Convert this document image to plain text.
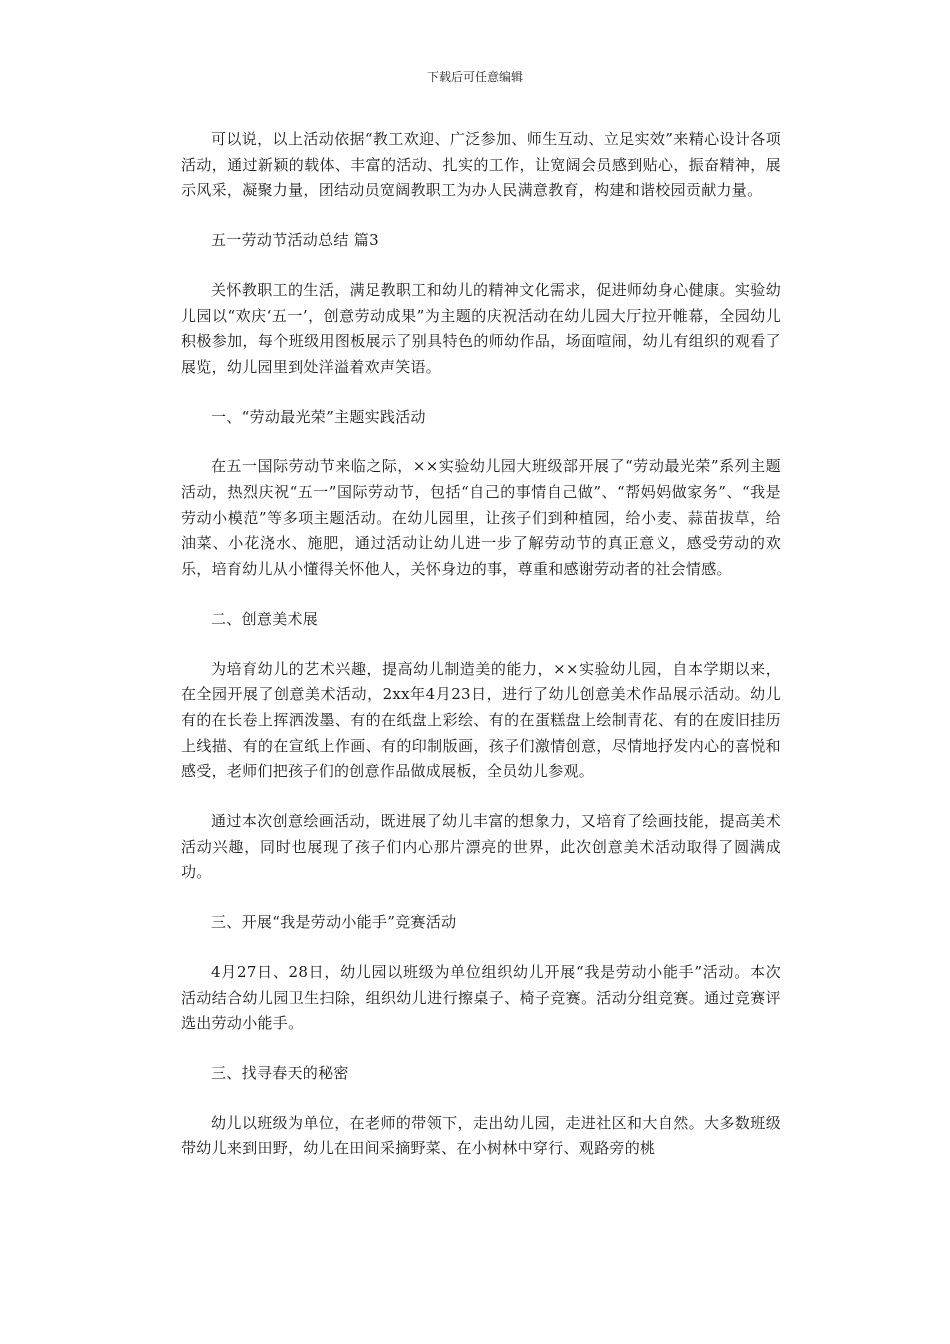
下载后可任意编辑

可以说，以上活动依据“教工欢迎、广泛参加、师生互动、立足实效”来精心设计各项活动，通过新颖的载体、丰富的活动、扎实的工作，让宽阔会员感到贴心，振奋精神，展示风采，凝聚力量，团结动员宽阔教职工为办人民满意教育，构建和谐校园贡献力量。

五一劳动节活动总结 篇3

关怀教职工的生活，满足教职工和幼儿的精神文化需求，促进师幼身心健康。实验幼儿园以“欢庆‘五一’，创意劳动成果”为主题的庆祝活动在幼儿园大厅拉开帷幕，全园幼儿积极参加，每个班级用图板展示了别具特色的师幼作品，场面喧闹，幼儿有组织的观看了展览，幼儿园里到处洋溢着欢声笑语。

一、“劳动最光荣”主题实践活动

在五一国际劳动节来临之际，××实验幼儿园大班级部开展了“劳动最光荣”系列主题活动，热烈庆祝“五一”国际劳动节，包括“自己的事情自己做”、“帮妈妈做家务”、“我是劳动小模范”等多项主题活动。在幼儿园里，让孩子们到种植园，给小麦、蒜苗拔草，给油菜、小花浇水、施肥，通过活动让幼儿进一步了解劳动节的真正意义，感受劳动的欢乐，培育幼儿从小懂得关怀他人，关怀身边的事，尊重和感谢劳动者的社会情感。

二、创意美术展

为培育幼儿的艺术兴趣，提高幼儿制造美的能力，××实验幼儿园，自本学期以来，在全园开展了创意美术活动，2xx年4月23日，进行了幼儿创意美术作品展示活动。幼儿有的在长卷上挥洒泼墨、有的在纸盘上彩绘、有的在蛋糕盘上绘制青花、有的在废旧挂历上线描、有的在宣纸上作画、有的印制版画，孩子们激情创意，尽情地抒发内心的喜悦和感受，老师们把孩子们的创意作品做成展板，全员幼儿参观。

通过本次创意绘画活动，既进展了幼儿丰富的想象力，又培育了绘画技能，提高美术活动兴趣，同时也展现了孩子们内心那片漂亮的世界，此次创意美术活动取得了圆满成功。

三、开展“我是劳动小能手”竞赛活动

4月27日、28日，幼儿园以班级为单位组织幼儿开展“我是劳动小能手”活动。本次活动结合幼儿园卫生扫除，组织幼儿进行擦桌子、椅子竞赛。活动分组竞赛。通过竞赛评选出劳动小能手。

三、找寻春天的秘密

幼儿以班级为单位，在老师的带领下，走出幼儿园，走进社区和大自然。大多数班级带幼儿来到田野，幼儿在田间采摘野菜、在小树林中穿行、观路旁的桃
